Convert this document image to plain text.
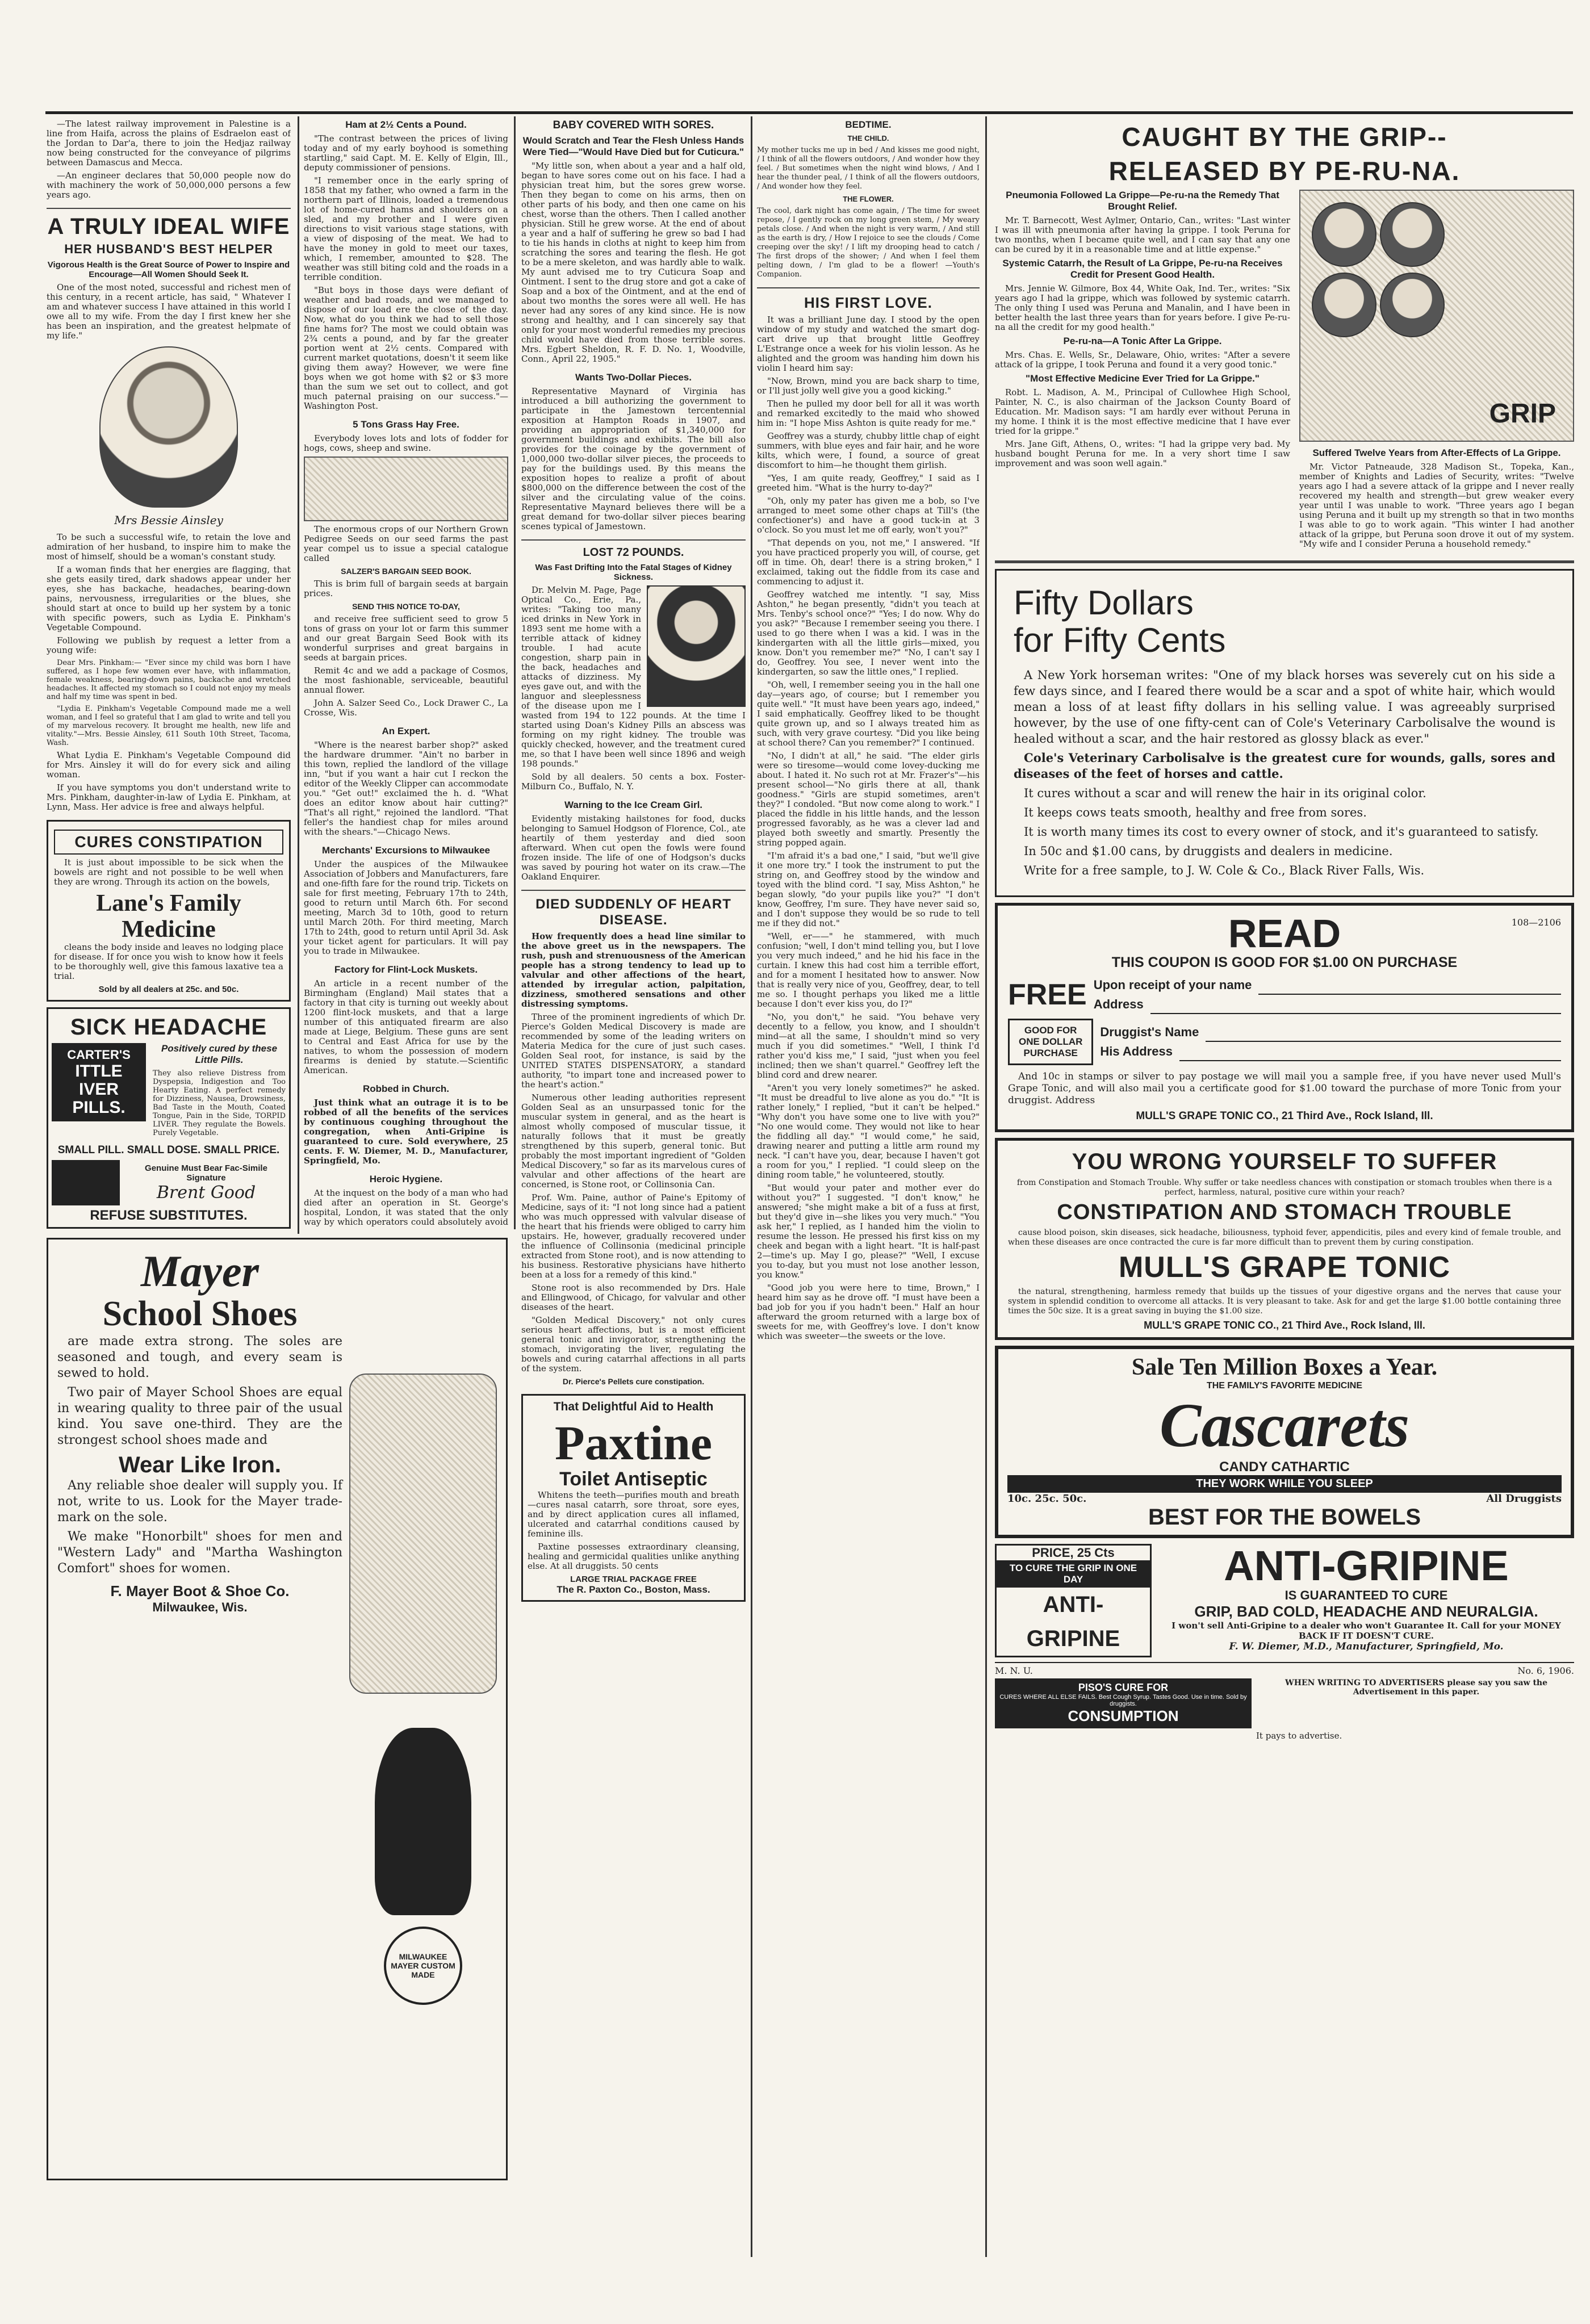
—The latest railway improvement in Palestine is a line from Haifa, across the plains of Esdraelon east of the Jordan to Dar'a, there to join the Hedjaz railway now being constructed for the conveyance of pilgrims between Damascus and Mecca.

—An engineer declares that 50,000 people now do with machinery the work of 50,000,000 persons a few years ago.

A TRULY IDEAL WIFE
HER HUSBAND'S BEST HELPER
Vigorous Health is the Great Source of Power to Inspire and Encourage—All Women Should Seek It.

One of the most noted, successful and richest men of this century, in a recent article, has said, " Whatever I am and whatever success I have attained in this world I owe all to my wife. From the day I first knew her she has been an inspiration, and the greatest helpmate of my life."

Mrs Bessie Ainsley

To be such a successful wife, to retain the love and admiration of her husband, to inspire him to make the most of himself, should be a woman's constant study.

If a woman finds that her energies are flagging, that she gets easily tired, dark shadows appear under her eyes, she has backache, headaches, bearing-down pains, nervousness, irregularities or the blues, she should start at once to build up her system by a tonic with specific powers, such as Lydia E. Pinkham's Vegetable Compound.

Following we publish by request a letter from a young wife:

Dear Mrs. Pinkham:— "Ever since my child was born I have suffered, as I hope few women ever have, with inflammation, female weakness, bearing-down pains, backache and wretched headaches. It affected my stomach so I could not enjoy my meals and half my time was spent in bed.

"Lydia E. Pinkham's Vegetable Compound made me a well woman, and I feel so grateful that I am glad to write and tell you of my marvelous recovery. It brought me health, new life and vitality."—Mrs. Bessie Ainsley, 611 South 10th Street, Tacoma, Wash.

What Lydia E. Pinkham's Vegetable Compound did for Mrs. Ainsley it will do for every sick and ailing woman.

If you have symptoms you don't understand write to Mrs. Pinkham, daughter-in-law of Lydia E. Pinkham, at Lynn, Mass. Her advice is free and always helpful.

CURES CONSTIPATION

It is just about impossible to be sick when the bowels are right and not possible to be well when they are wrong. Through its action on the bowels,

Lane's Family Medicine

cleans the body inside and leaves no lodging place for disease. If for once you wish to know how it feels to be thoroughly well, give this famous laxative tea a trial.

Sold by all dealers at 25c. and 50c.
SICK HEADACHE
CARTER'S
ITTLE IVER PILLS.
Positively cured by these Little Pills.

They also relieve Distress from Dyspepsia, Indigestion and Too Hearty Eating. A perfect remedy for Dizziness, Nausea, Drowsiness, Bad Taste in the Mouth, Coated Tongue, Pain in the Side, TORPID LIVER. They regulate the Bowels. Purely Vegetable.

SMALL PILL. SMALL DOSE. SMALL PRICE.
Genuine Must Bear Fac-Simile Signature
Brent Good
REFUSE SUBSTITUTES.
Ham at 2½ Cents a Pound.

"The contrast between the prices of living today and of my early boyhood is something startling," said Capt. M. E. Kelly of Elgin, Ill., deputy commissioner of pensions.

"I remember once in the early spring of 1858 that my father, who owned a farm in the northern part of Illinois, loaded a tremendous lot of home-cured hams and shoulders on a sled, and my brother and I were given directions to visit various stage stations, with a view of disposing of the meat. We had to have the money in gold to meet our taxes, which, I remember, amounted to $28. The weather was still biting cold and the roads in a terrible condition.

"But boys in those days were defiant of weather and bad roads, and we managed to dispose of our load ere the close of the day. Now, what do you think we had to sell those fine hams for? The most we could obtain was 2¾ cents a pound, and by far the greater portion went at 2½ cents. Compared with current market quotations, doesn't it seem like giving them away? However, we were fine boys when we got home with $2 or $3 more than the sum we set out to collect, and got much paternal praising on our success."—Washington Post.

5 Tons Grass Hay Free.

Everybody loves lots and lots of fodder for hogs, cows, sheep and swine.

The enormous crops of our Northern Grown Pedigree Seeds on our seed farms the past year compel us to issue a special catalogue called

SALZER'S BARGAIN SEED BOOK.

This is brim full of bargain seeds at bargain prices.

SEND THIS NOTICE TO-DAY,

and receive free sufficient seed to grow 5 tons of grass on your lot or farm this summer and our great Bargain Seed Book with its wonderful surprises and great bargains in seeds at bargain prices.

Remit 4c and we add a package of Cosmos, the most fashionable, serviceable, beautiful annual flower.

John A. Salzer Seed Co., Lock Drawer C., La Crosse, Wis.

An Expert.

"Where is the nearest barber shop?" asked the hardware drummer. "Ain't no barber in this town, replied the landlord of the village inn, "but if you want a hair cut I reckon the editor of the Weekly Clipper can accommodate you." "Get out!" exclaimed the h. d. "What does an editor know about hair cutting?" "That's all right," rejoined the landlord. "That feller's the handiest chap for miles around with the shears."—Chicago News.

Merchants' Excursions to Milwaukee

Under the auspices of the Milwaukee Association of Jobbers and Manufacturers, fare and one-fifth fare for the round trip. Tickets on sale for first meeting, February 17th to 24th, good to return until March 6th. For second meeting, March 3d to 10th, good to return until March 20th. For third meeting, March 17th to 24th, good to return until April 3d. Ask your ticket agent for particulars. It will pay you to trade in Milwaukee.

Factory for Flint-Lock Muskets.

An article in a recent number of the Birmingham (England) Mail states that a factory in that city is turning out weekly about 1200 flint-lock muskets, and that a large number of this antiquated firearm are also made at Liege, Belgium. These guns are sent to Central and East Africa for use by the natives, to whom the possession of modern firearms is denied by statute.—Scientific American.

Robbed in Church.

Just think what an outrage it is to be robbed of all the benefits of the services by continuous coughing throughout the congregation, when Anti-Gripine is guaranteed to cure. Sold everywhere, 25 cents. F. W. Diemer, M. D., Manufacturer, Springfield, Mo.

Heroic Hygiene.

At the inquest on the body of a man who had died after an operation in St. George's hospital, London, it was stated that the only way by which operators could absolutely avoid

Mayer
School Shoes

are made extra strong. The soles are seasoned and tough, and every seam is sewed to hold.

Two pair of Mayer School Shoes are equal in wearing quality to three pair of the usual kind. You save one-third. They are the strongest school shoes made and

Wear Like Iron.

Any reliable shoe dealer will supply you. If not, write to us. Look for the Mayer trade-mark on the sole.

We make "Honorbilt" shoes for men and "Western Lady" and "Martha Washington Comfort" shoes for women.

F. Mayer Boot & Shoe Co.
Milwaukee, Wis.
MILWAUKEE MAYER CUSTOM MADE
BABY COVERED WITH SORES.
Would Scratch and Tear the Flesh Unless Hands Were Tied—"Would Have Died but for Cuticura."

"My little son, when about a year and a half old, began to have sores come out on his face. I had a physician treat him, but the sores grew worse. Then they began to come on his arms, then on other parts of his body, and then one came on his chest, worse than the others. Then I called another physician. Still he grew worse. At the end of about a year and a half of suffering he grew so bad I had to tie his hands in cloths at night to keep him from scratching the sores and tearing the flesh. He got to be a mere skeleton, and was hardly able to walk. My aunt advised me to try Cuticura Soap and Ointment. I sent to the drug store and got a cake of Soap and a box of the Ointment, and at the end of about two months the sores were all well. He has never had any sores of any kind since. He is now strong and healthy, and I can sincerely say that only for your most wonderful remedies my precious child would have died from those terrible sores. Mrs. Egbert Sheldon, R. F. D. No. 1, Woodville, Conn., April 22, 1905."

Wants Two-Dollar Pieces.

Representative Maynard of Virginia has introduced a bill authorizing the government to participate in the Jamestown tercentennial exposition at Hampton Roads in 1907, and providing an appropriation of $1,340,000 for government buildings and exhibits. The bill also provides for the coinage by the government of 1,000,000 two-dollar silver pieces, the proceeds to pay for the buildings used. By this means the exposition hopes to realize a profit of about $800,000 on the difference between the cost of the silver and the circulating value of the coins. Representative Maynard believes there will be a great demand for two-dollar silver pieces bearing scenes typical of Jamestown.

LOST 72 POUNDS.
Was Fast Drifting Into the Fatal Stages of Kidney Sickness.

Dr. Melvin M. Page, Page Optical Co., Erie, Pa., writes: "Taking too many iced drinks in New York in 1893 sent me home with a terrible attack of kidney trouble. I had acute congestion, sharp pain in the back, headaches and attacks of dizziness. My eyes gave out, and with the languor and sleeplessness of the disease upon me I wasted from 194 to 122 pounds. At the time I started using Doan's Kidney Pills an abscess was forming on my right kidney. The trouble was quickly checked, however, and the treatment cured me, so that I have been well since 1896 and weigh 198 pounds."

Sold by all dealers. 50 cents a box. Foster-Milburn Co., Buffalo, N. Y.

Warning to the Ice Cream Girl.

Evidently mistaking hailstones for food, ducks belonging to Samuel Hodgson of Florence, Col., ate heartily of them yesterday and died soon afterward. When cut open the fowls were found frozen inside. The life of one of Hodgson's ducks was saved by pouring hot water on its craw.—The Oakland Enquirer.

DIED SUDDENLY OF HEART DISEASE.

How frequently does a head line similar to the above greet us in the newspapers. The rush, push and strenuousness of the American people has a strong tendency to lead up to valvular and other affections of the heart, attended by irregular action, palpitation, dizziness, smothered sensations and other distressing symptoms.

Three of the prominent ingredients of which Dr. Pierce's Golden Medical Discovery is made are recommended by some of the leading writers on Materia Medica for the cure of just such cases. Golden Seal root, for instance, is said by the UNITED STATES DISPENSATORY, a standard authority, "to impart tone and increased power to the heart's action."

Numerous other leading authorities represent Golden Seal as an unsurpassed tonic for the muscular system in general, and as the heart is almost wholly composed of muscular tissue, it naturally follows that it must be greatly strengthened by this superb, general tonic. But probably the most important ingredient of "Golden Medical Discovery," so far as its marvelous cures of valvular and other affections of the heart are concerned, is Stone root, or Collinsonia Can.

Prof. Wm. Paine, author of Paine's Epitomy of Medicine, says of it: "I not long since had a patient who was much oppressed with valvular disease of the heart that his friends were obliged to carry him upstairs. He, however, gradually recovered under the influence of Collinsonia (medicinal principle extracted from Stone root), and is now attending to his business. Restorative physicians have hitherto been at a loss for a remedy of this kind."

Stone root is also recommended by Drs. Hale and Ellingwood, of Chicago, for valvular and other diseases of the heart.

"Golden Medical Discovery," not only cures serious heart affections, but is a most efficient general tonic and invigorator, strengthening the stomach, invigorating the liver, regulating the bowels and curing catarrhal affections in all parts of the system.

Dr. Pierce's Pellets cure constipation.
That Delightful Aid to Health
Paxtine
Toilet Antiseptic

Whitens the teeth—purifies mouth and breath—cures nasal catarrh, sore throat, sore eyes, and by direct application cures all inflamed, ulcerated and catarrhal conditions caused by feminine ills.

Paxtine possesses extraordinary cleansing, healing and germicidal qualities unlike anything else. At all druggists. 50 cents

LARGE TRIAL PACKAGE FREE
The R. Paxton Co., Boston, Mass.
BEDTIME.
THE CHILD.

My mother tucks me up in bed / And kisses me good night, / I think of all the flowers outdoors, / And wonder how they feel. / But sometimes when the night wind blows, / And I hear the thunder peal, / I think of all the flowers outdoors, / And wonder how they feel.

THE FLOWER.

The cool, dark night has come again, / The time for sweet repose, / I gently rock on my long green stem, / My weary petals close. / And when the night is very warm, / And still as the earth is dry, / How I rejoice to see the clouds / Come creeping over the sky! / I lift my drooping head to catch / The first drops of the shower; / And when I feel them pelting down, / I'm glad to be a flower! —Youth's Companion.

HIS FIRST LOVE.

It was a brilliant June day. I stood by the open window of my study and watched the smart dog-cart drive up that brought little Geoffrey L'Estrange once a week for his violin lesson. As he alighted and the groom was handing him down his violin I heard him say:

"Now, Brown, mind you are back sharp to time, or I'll just jolly well give you a good kicking."

Then he pulled my door bell for all it was worth and remarked excitedly to the maid who showed him in: "I hope Miss Ashton is quite ready for me."

Geoffrey was a sturdy, chubby little chap of eight summers, with blue eyes and fair hair, and he wore kilts, which were, I found, a source of great discomfort to him—he thought them girlish.

"Yes, I am quite ready, Geoffrey," I said as I greeted him. "What is the hurry to-day?"

"Oh, only my pater has given me a bob, so I've arranged to meet some other chaps at Till's (the confectioner's) and have a good tuck-in at 3 o'clock. So you must let me off early, won't you?"

"That depends on you, not me," I answered. "If you have practiced properly you will, of course, get off in time. Oh, dear! there is a string broken," I exclaimed, taking out the fiddle from its case and commencing to adjust it.

Geoffrey watched me intently. "I say, Miss Ashton," he began presently, "didn't you teach at Mrs. Tenby's school once?" "Yes; I do now. Why do you ask?" "Because I remember seeing you there. I used to go there when I was a kid. I was in the kindergarten with all the little girls—mixed, you know. Don't you remember me?" "No, I can't say I do, Geoffrey. You see, I never went into the kindergarten, so saw the little ones," I replied.

"Oh, well, I remember seeing you in the hall one day—years ago, of course; but I remember you quite well." "It must have been years ago, indeed," I said emphatically. Geoffrey liked to be thought quite grown up, and so I always treated him as such, with very grave courtesy. "Did you like being at school there? Can you remember?" I continued.

"No, I didn't at all," he said. "The elder girls were so tiresome—would come lovey-ducking me about. I hated it. No such rot at Mr. Frazer's"—his present school—"No girls there at all, thank goodness." "Girls are stupid sometimes, aren't they?" I condoled. "But now come along to work." I placed the fiddle in his little hands, and the lesson progressed favorably, as he was a clever lad and played both sweetly and smartly. Presently the string popped again.

"I'm afraid it's a bad one," I said, "but we'll give it one more try." I took the instrument to put the string on, and Geoffrey stood by the window and toyed with the blind cord. "I say, Miss Ashton," he began slowly, "do your pupils like you?" "I don't know, Geoffrey, I'm sure. They have never said so, and I don't suppose they would be so rude to tell me if they did not."

"Well, er——" he stammered, with much confusion; "well, I don't mind telling you, but I love you very much indeed," and he hid his face in the curtain. I knew this had cost him a terrible effort, and for a moment I hesitated how to answer. Now that is really very nice of you, Geoffrey, dear, to tell me so. I thought perhaps you liked me a little because I don't ever kiss you, do I?"

"No, you don't," he said. "You behave very decently to a fellow, you know, and I shouldn't mind—at all the same, I shouldn't mind so very much if you did sometimes." "Well, I think I'd rather you'd kiss me," I said, "just when you feel inclined; then we shan't quarrel." Geoffrey left the blind cord and drew nearer.

"Aren't you very lonely sometimes?" he asked. "It must be dreadful to live alone as you do." "It is rather lonely," I replied, "but it can't be helped." "Why don't you have some one to live with you?" "No one would come. They would not like to hear the fiddling all day." "I would come," he said, drawing nearer and putting a little arm round my neck. "I can't have you, dear, because I haven't got a room for you," I replied. "I could sleep on the dining room table," he volunteered, stoutly.

"But would your pater and mother ever do without you?" I suggested. "I don't know," he answered; "she might make a bit of a fuss at first, but they'd give in—she likes you very much." "You ask her," I replied, as I handed him the violin to resume the lesson. He pressed his first kiss on my cheek and began with a light heart. "It is half-past 2—time's up. May I go, please?" "Well, I excuse you to-day, but you must not lose another lesson, you know."

"Good job you were here to time, Brown," I heard him say as he drove off. "I must have been a bad job for you if you hadn't been." Half an hour afterward the groom returned with a large box of sweets for me, with Geoffrey's love. I don't know which was sweeter—the sweets or the love.

CAUGHT BY THE GRIP--
RELEASED BY PE-RU-NA.
Pneumonia Followed La Grippe—Pe-ru-na the Remedy That Brought Relief.

Mr. T. Barnecott, West Aylmer, Ontario, Can., writes: "Last winter I was ill with pneumonia after having la grippe. I took Peruna for two months, when I became quite well, and I can say that any one can be cured by it in a reasonable time and at little expense."

Systemic Catarrh, the Result of La Grippe, Pe-ru-na Receives Credit for Present Good Health.

Mrs. Jennie W. Gilmore, Box 44, White Oak, Ind. Ter., writes: "Six years ago I had la grippe, which was followed by systemic catarrh. The only thing I used was Peruna and Manalin, and I have been in better health the last three years than for years before. I give Pe-ru-na all the credit for my good health."

Pe-ru-na—A Tonic After La Grippe.

Mrs. Chas. E. Wells, Sr., Delaware, Ohio, writes: "After a severe attack of la grippe, I took Peruna and found it a very good tonic."

"Most Effective Medicine Ever Tried for La Grippe."

Robt. L. Madison, A. M., Principal of Cullowhee High School, Painter, N. C., is also chairman of the Jackson County Board of Education. Mr. Madison says: "I am hardly ever without Peruna in my home. I think it is the most effective medicine that I have ever tried for la grippe."

Mrs. Jane Gift, Athens, O., writes: "I had la grippe very bad. My husband bought Peruna for me. In a very short time I saw improvement and was soon well again."

GRIP
Suffered Twelve Years from After-Effects of La Grippe.

Mr. Victor Patneaude, 328 Madison St., Topeka, Kan., member of Knights and Ladies of Security, writes: "Twelve years ago I had a severe attack of la grippe and I never really recovered my health and strength—but grew weaker every year until I was unable to work. "Three years ago I began using Peruna and it built up my strength so that in two months I was able to go to work again. "This winter I had another attack of la grippe, but Peruna soon drove it out of my system. "My wife and I consider Peruna a household remedy."

Fifty Dollars
for Fifty Cents

A New York horseman writes: "One of my black horses was severely cut on his side a few days since, and I feared there would be a scar and a spot of white hair, which would mean a loss of at least fifty dollars in his selling value. I was agreeably surprised however, by the use of one fifty-cent can of Cole's Veterinary Carbolisalve the wound is healed without a scar, and the hair restored as glossy black as ever."

Cole's Veterinary Carbolisalve is the greatest cure for wounds, galls, sores and diseases of the feet of horses and cattle.

It cures without a scar and will renew the hair in its original color.

It keeps cows teats smooth, healthy and free from sores.

It is worth many times its cost to every owner of stock, and it's guaranteed to satisfy.

In 50c and $1.00 cans, by druggists and dealers in medicine.

Write for a free sample, to J. W. Cole & Co., Black River Falls, Wis.

READ	108—2106
THIS COUPON IS GOOD FOR $1.00 ON PURCHASE
FREE Upon receipt of your name
Address
GOOD FOR
ONE DOLLAR
PURCHASE
Druggist's Name
His Address

And 10c in stamps or silver to pay postage we will mail you a sample free, if you have never used Mull's Grape Tonic, and will also mail you a certificate good for $1.00 toward the purchase of more Tonic from your druggist. Address

MULL'S GRAPE TONIC CO., 21 Third Ave., Rock Island, Ill.
YOU WRONG YOURSELF TO SUFFER
from Constipation and Stomach Trouble. Why suffer or take needless chances with constipation or stomach troubles when there is a perfect, harmless, natural, positive cure within your reach?
CONSTIPATION AND STOMACH TROUBLE

cause blood poison, skin diseases, sick headache, biliousness, typhoid fever, appendicitis, piles and every kind of female trouble, and when these diseases are once contracted the cure is far more difficult than to prevent them by curing constipation.

MULL'S GRAPE TONIC

the natural, strengthening, harmless remedy that builds up the tissues of your digestive organs and the nerves that cause your system in splendid condition to overcome all attacks. It is very pleasant to take. Ask for and get the large $1.00 bottle containing three times the 50c size. It is a great saving in buying the $1.00 size.

MULL'S GRAPE TONIC CO., 21 Third Ave., Rock Island, Ill.
Sale Ten Million Boxes a Year.
THE FAMILY'S FAVORITE MEDICINE
Cascarets
CANDY CATHARTIC
THEY WORK WHILE YOU SLEEP
10c. 25c. 50c.	All Druggists
BEST FOR THE BOWELS
PRICE, 25 Cts
TO CURE THE GRIP IN ONE DAY
ANTI-GRIPINE
ANTI-GRIPINE
IS GUARANTEED TO CURE
GRIP, BAD COLD, HEADACHE AND NEURALGIA.
I won't sell Anti-Gripine to a dealer who won't Guarantee It. Call for your MONEY BACK IF IT DOESN'T CURE.
F. W. Diemer, M.D., Manufacturer, Springfield, Mo.
M. N. U.	No. 6, 1906.
PISO'S CURE FOR
CURES WHERE ALL ELSE FAILS. Best Cough Syrup. Tastes Good. Use in time. Sold by druggists.
CONSUMPTION
WHEN WRITING TO ADVERTISERS please say you saw the Advertisement in this paper.
It pays to advertise.
